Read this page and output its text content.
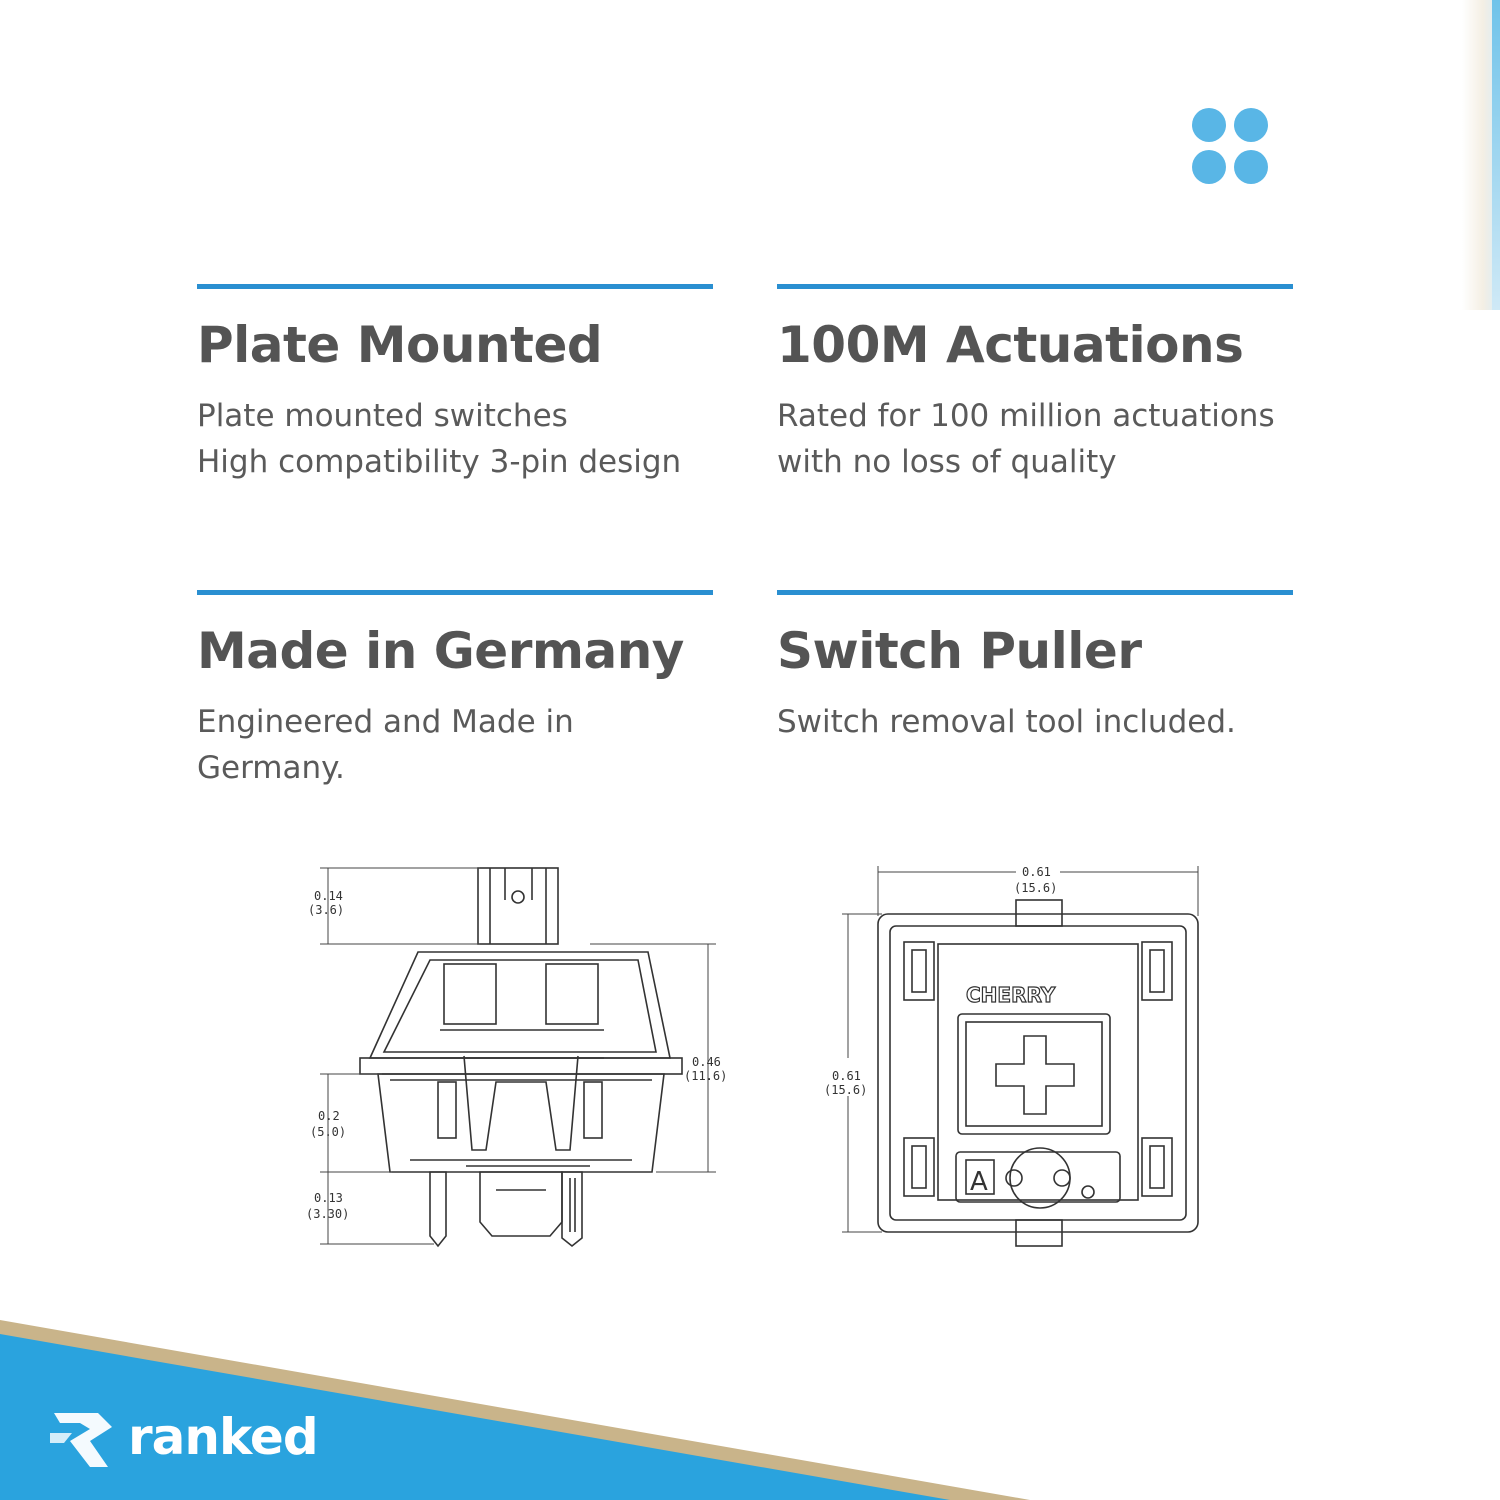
Plate Mounted

Plate mounted switches
High compatibility 3-pin design

100M Actuations

Rated for 100 million actuations
with no loss of quality

Made in Germany

Engineered and Made in
Germany.

Switch Puller

Switch removal tool included.

0.14
(3.6)
0.46
(11.6)
0.2
(5.0)
0.13
(3.30)
0.61
(15.6)
0.61
(15.6)
CHERRY
A
ranked
